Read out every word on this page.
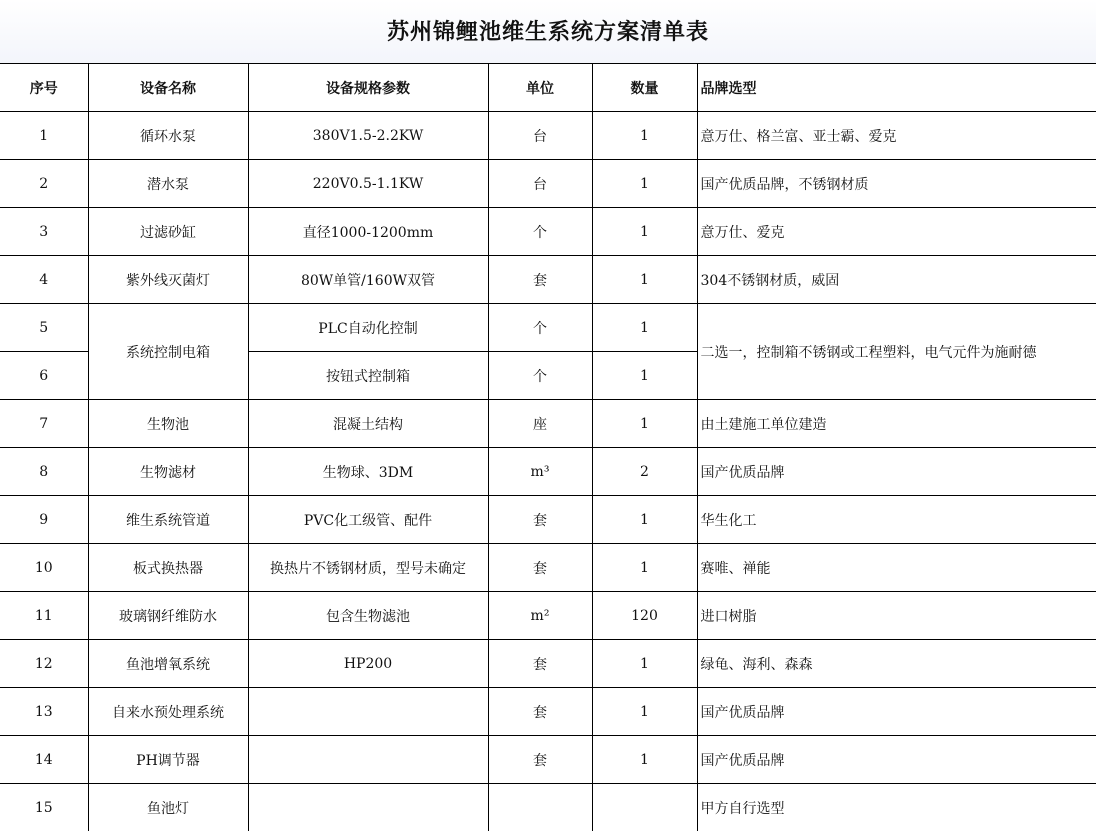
苏州锦鲤池维生系统方案清单表
序号	设备名称	设备规格参数	单位	数量	品牌选型
1	循环水泵	380V1.5-2.2KW	台	1	意万仕、格兰富、亚士霸、爱克
2	潜水泵	220V0.5-1.1KW	台	1	国产优质品牌，不锈钢材质
3	过滤砂缸	直径1000-1200mm	个	1	意万仕、爱克
4	紫外线灭菌灯	80W单管/160W双管	套	1	304不锈钢材质，威固
5	系统控制电箱	PLC自动化控制	个	1	二选一，控制箱不锈钢或工程塑料，电气元件为施耐德
6		按钮式控制箱	个	1	
7	生物池	混凝土结构	座	1	由土建施工单位建造
8	生物滤材	生物球、3DM	m³	2	国产优质品牌
9	维生系统管道	PVC化工级管、配件	套	1	华生化工
10	板式换热器	换热片不锈钢材质，型号未确定	套	1	赛唯、禅能
11	玻璃钢纤维防水	包含生物滤池	m²	120	进口树脂
12	鱼池增氧系统	HP200	套	1	绿龟、海利、森森
13	自来水预处理系统		套	1	国产优质品牌
14	PH调节器		套	1	国产优质品牌
15	鱼池灯				甲方自行选型
